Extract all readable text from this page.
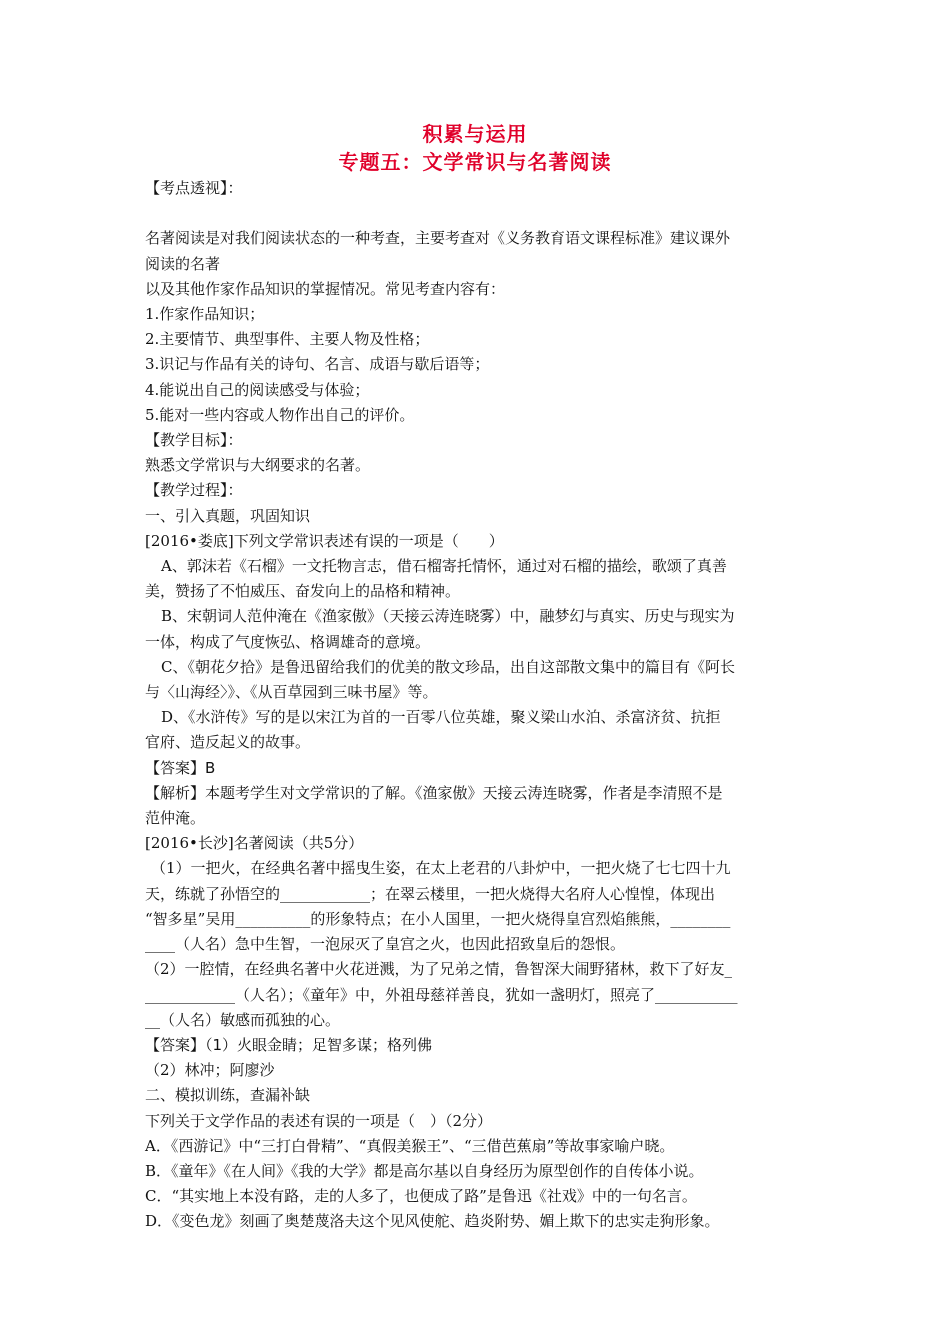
积累与运用
专题五：文学常识与名著阅读
【考点透视】：

名著阅读是对我们阅读状态的一种考查，主要考查对《义务教育语文课程标准》建议课外
阅读的名著
以及其他作家作品知识的掌握情况。常见考查内容有：
1.作家作品知识；
2.主要情节、典型事件、主要人物及性格；
3.识记与作品有关的诗句、名言、成语与歇后语等；
4.能说出自己的阅读感受与体验；
5.能对一些内容或人物作出自己的评价。
【教学目标】：
熟悉文学常识与大纲要求的名著。
【教学过程】：
一、引入真题，巩固知识
[2016•娄底]下列文学常识表述有误的一项是（　　）
A、郭沫若《石榴》一文托物言志，借石榴寄托情怀，通过对石榴的描绘，歌颂了真善
美，赞扬了不怕威压、奋发向上的品格和精神。
B、宋朝词人范仲淹在《渔家傲》（天接云涛连晓雾）中，融梦幻与真实、历史与现实为
一体，构成了气度恢弘、格调雄奇的意境。
C、《朝花夕拾》是鲁迅留给我们的优美的散文珍品，出自这部散文集中的篇目有《阿长
与〈山海经〉》、《从百草园到三味书屋》等。
D、《水浒传》写的是以宋江为首的一百零八位英雄，聚义梁山水泊、杀富济贫、抗拒
官府、造反起义的故事。
【答案】B
【解析】本题考学生对文学常识的了解。《渔家傲》天接云涛连晓雾，作者是李清照不是
范仲淹。
[2016•长沙]名著阅读（共5分）
（1）一把火，在经典名著中摇曳生姿，在太上老君的八卦炉中，一把火烧了七七四十九
天，练就了孙悟空的____________；在翠云楼里，一把火烧得大名府人心惶惶，体现出
“智多星”吴用__________的形象特点；在小人国里，一把火烧得皇宫烈焰熊熊，________
____（人名）急中生智，一泡尿灭了皇宫之火，也因此招致皇后的怨恨。
（2）一腔情，在经典名著中火花迸溅，为了兄弟之情，鲁智深大闹野猪林，救下了好友_
____________（人名）；《童年》中，外祖母慈祥善良，犹如一盏明灯，照亮了___________
__（人名）敏感而孤独的心。
【答案】（1）火眼金睛；足智多谋；格列佛
（2）林冲；阿廖沙
二、模拟训练，查漏补缺
下列关于文学作品的表述有误的一项是（　）（2分）
A．《西游记》中“三打白骨精”、“真假美猴王”、“三借芭蕉扇”等故事家喻户晓。
B．《童年》《在人间》《我的大学》都是高尔基以自身经历为原型创作的自传体小说。
C．“其实地上本没有路，走的人多了，也便成了路”是鲁迅《社戏》中的一句名言。
D．《变色龙》刻画了奥楚蔑洛夫这个见风使舵、趋炎附势、媚上欺下的忠实走狗形象。
